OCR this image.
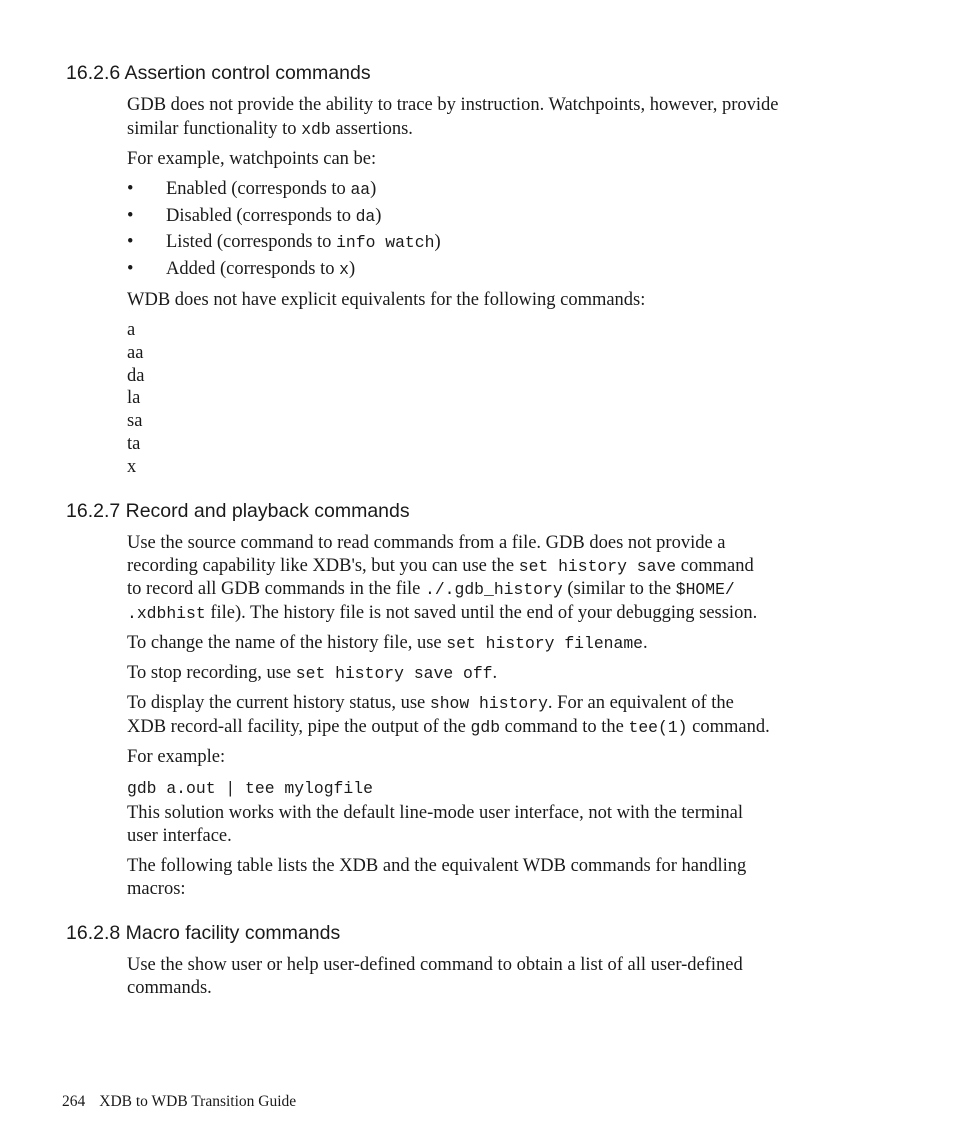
16.2.6 Assertion control commands
GDB does not provide the ability to trace by instruction. Watchpoints, however, provide
similar functionality to xdb assertions.
For example, watchpoints can be:
• Enabled (corresponds to aa)
• Disabled (corresponds to da)
• Listed (corresponds to info watch)
• Added (corresponds to x)
WDB does not have explicit equivalents for the following commands:
a
aa
da
la
sa
ta
x
16.2.7 Record and playback commands
Use the source command to read commands from a file. GDB does not provide a
recording capability like XDB's, but you can use the set history save command
to record all GDB commands in the file ./.gdb_history (similar to the $HOME/
.xdbhist file). The history file is not saved until the end of your debugging session.
To change the name of the history file, use set history filename.
To stop recording, use set history save off.
To display the current history status, use show history. For an equivalent of the
XDB record-all facility, pipe the output of the gdb command to the tee(1) command.
For example:
gdb a.out | tee mylogfile
This solution works with the default line-mode user interface, not with the terminal
user interface.
The following table lists the XDB and the equivalent WDB commands for handling
macros:
16.2.8 Macro facility commands
Use the show user or help user-defined command to obtain a list of all user-defined
commands.
264 XDB to WDB Transition Guide
